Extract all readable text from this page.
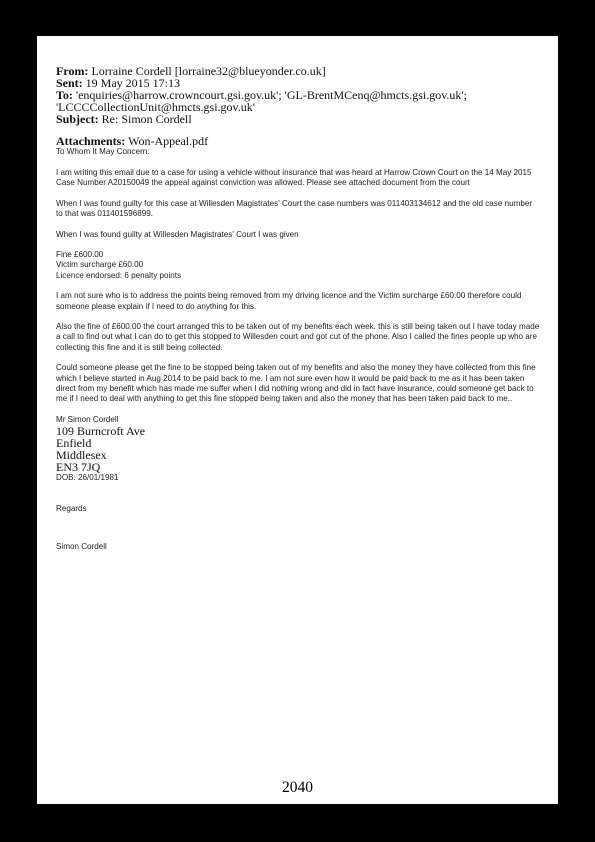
From: Lorraine Cordell [lorraine32@blueyonder.co.uk]
Sent: 19 May 2015 17:13
To: 'enquiries@harrow.crowncourt.gsi.gov.uk'; 'GL-BrentMCenq@hmcts.gsi.gov.uk';
'LCCCCollectionUnit@hmcts.gsi.gov.uk'
Subject: Re: Simon Cordell
Attachments: Won-Appeal.pdf

To Whom It May Concern:

I am writing this email due to a case for using a vehicle without insurance that was heard at Harrow Crown Court on the 14 May 2015 Case Number A20150049 the appeal against conviction was allowed. Please see attached document from the court

When I was found guilty for this case at Willesden Magistrates' Court the case numbers was 011403134612 and the old case number to that was 011401596899.

When I was found guilty at Willesden Magistrates' Court I was given

Fine £600.00
Victim surcharge £60.00
Licence endorsed: 6 penalty points

I am not sure who is to address the points being removed from my driving licence and the Victim surcharge £60.00 therefore could someone please explain if I need to do anything for this.

Also the fine of £600.00 the court arranged this to be taken out of my benefits each week. this is still being taken out I have today made a call to find out what I can do to get this stopped to Willesden court and got cut of the phone. Also I called the fines people up who are collecting this fine and it is still being collected.

Could someone please get the fine to be stopped being taken out of my benefits and also the money they have collected from this fine which I believe started in Aug 2014 to be paid back to me. I am not sure even how it would be paid back to me as it has been taken direct from my benefit which has made me suffer when I did nothing wrong and did in fact have insurance, could someone get back to me if I need to deal with anything to get this fine stopped being taken and also the money that has been taken paid back to me..

Mr Simon Cordell
109 Burncroft Ave
Enfield
Middlesex
EN3 7JQ
DOB: 26/01/1981
Regards
Simon Cordell
2040
